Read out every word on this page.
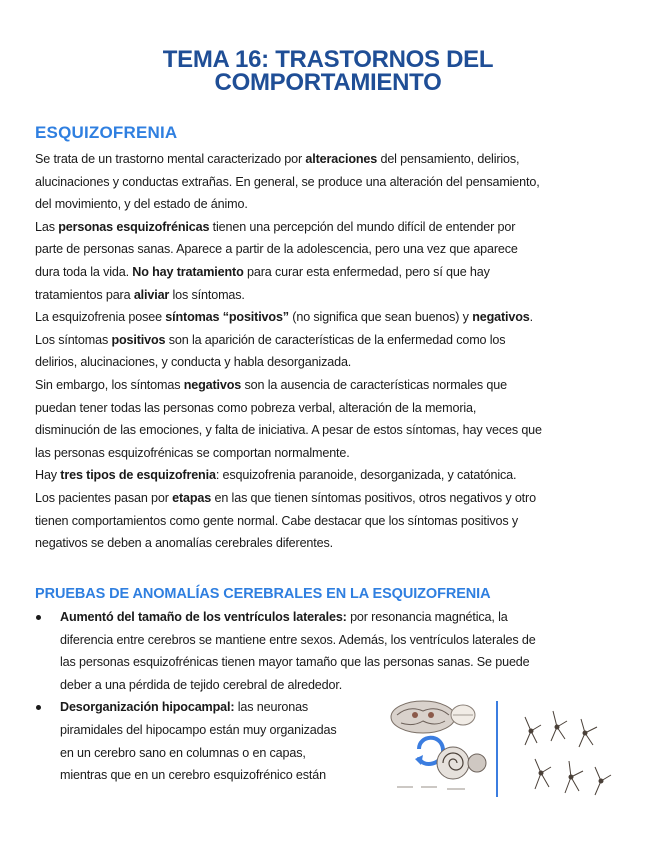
TEMA 16: TRASTORNOS DEL
COMPORTAMIENTO
ESQUIZOFRENIA
Se trata de un trastorno mental caracterizado por alteraciones del pensamiento, delirios,
alucinaciones y conductas extrañas. En general, se produce una alteración del pensamiento,
del movimiento, y del estado de ánimo.
Las personas esquizofrénicas tienen una percepción del mundo difícil de entender por
parte de personas sanas. Aparece a partir de la adolescencia, pero una vez que aparece
dura toda la vida. No hay tratamiento para curar esta enfermedad, pero sí que hay
tratamientos para aliviar los síntomas.
La esquizofrenia posee síntomas “positivos” (no significa que sean buenos) y negativos.
Los síntomas positivos son la aparición de características de la enfermedad como los
delirios, alucinaciones, y conducta y habla desorganizada.
Sin embargo, los síntomas negativos son la ausencia de características normales que
puedan tener todas las personas como pobreza verbal, alteración de la memoria,
disminución de las emociones, y falta de iniciativa. A pesar de estos síntomas, hay veces que
las personas esquizofrénicas se comportan normalmente.
Hay tres tipos de esquizofrenia: esquizofrenia paranoide, desorganizada, y catatónica.
Los pacientes pasan por etapas en las que tienen síntomas positivos, otros negativos y otro
tienen comportamientos como gente normal. Cabe destacar que los síntomas positivos y
negativos se deben a anomalías cerebrales diferentes.
PRUEBAS DE ANOMALÍAS CEREBRALES EN LA ESQUIZOFRENIA
Aumentó del tamaño de los ventrículos laterales: por resonancia magnética, la
diferencia entre cerebros se mantiene entre sexos. Además, los ventrículos laterales de
las personas esquizofrénicas tienen mayor tamaño que las personas sanas. Se puede
deber a una pérdida de tejido cerebral de alrededor.
Desorganización hipocampal: las neuronas
piramidales del hipocampo están muy organizadas
en un cerebro sano en columnas o en capas,
mientras que en un cerebro esquizofrénico están
